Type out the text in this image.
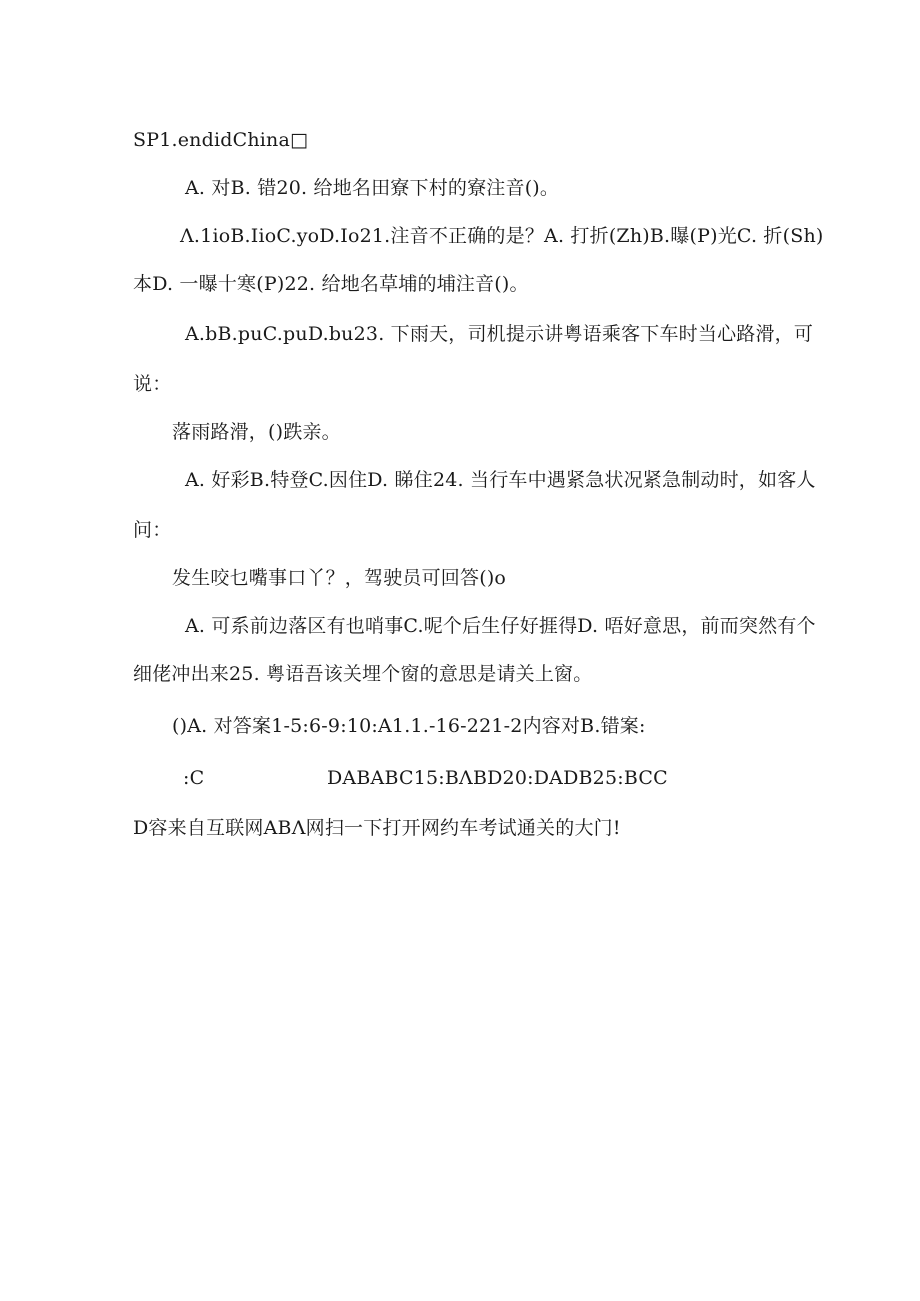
SP1.endidChina□
A. 对B. 错20. 给地名田寮下村的寮注音()。
Λ.1ioB.IioC.yoD.Io21.注音不正确的是？A. 打折(Zh)B.曝(P)光C. 折(Sh)
本D. 一曝十寒(P)22. 给地名草埔的埔注音()。
A.bB.puC.puD.bu23. 下雨天，司机提示讲粤语乘客下车时当心路滑，可
说：
落雨路滑，()跌亲。
A. 好彩B.特登C.因住D. 睇住24. 当行车中遇紧急状况紧急制动时，如客人
问：
发生咬乜嘴事口丫？，驾驶员可回答()o
A. 可系前边落区有也哨事C.呢个后生仔好捱得D. 唔好意思，前而突然有个
细佬冲出来25. 粤语吾该关埋个窗的意思是请关上窗。
()A. 对答案1-5:6-9:10:A1.1.-16-221-2内容对B.错案:
:C	DABABC15:BΛBD20:DADB25:BCC
D容来自互联网ABΛ网扫一下打开网约车考试通关的大门!
